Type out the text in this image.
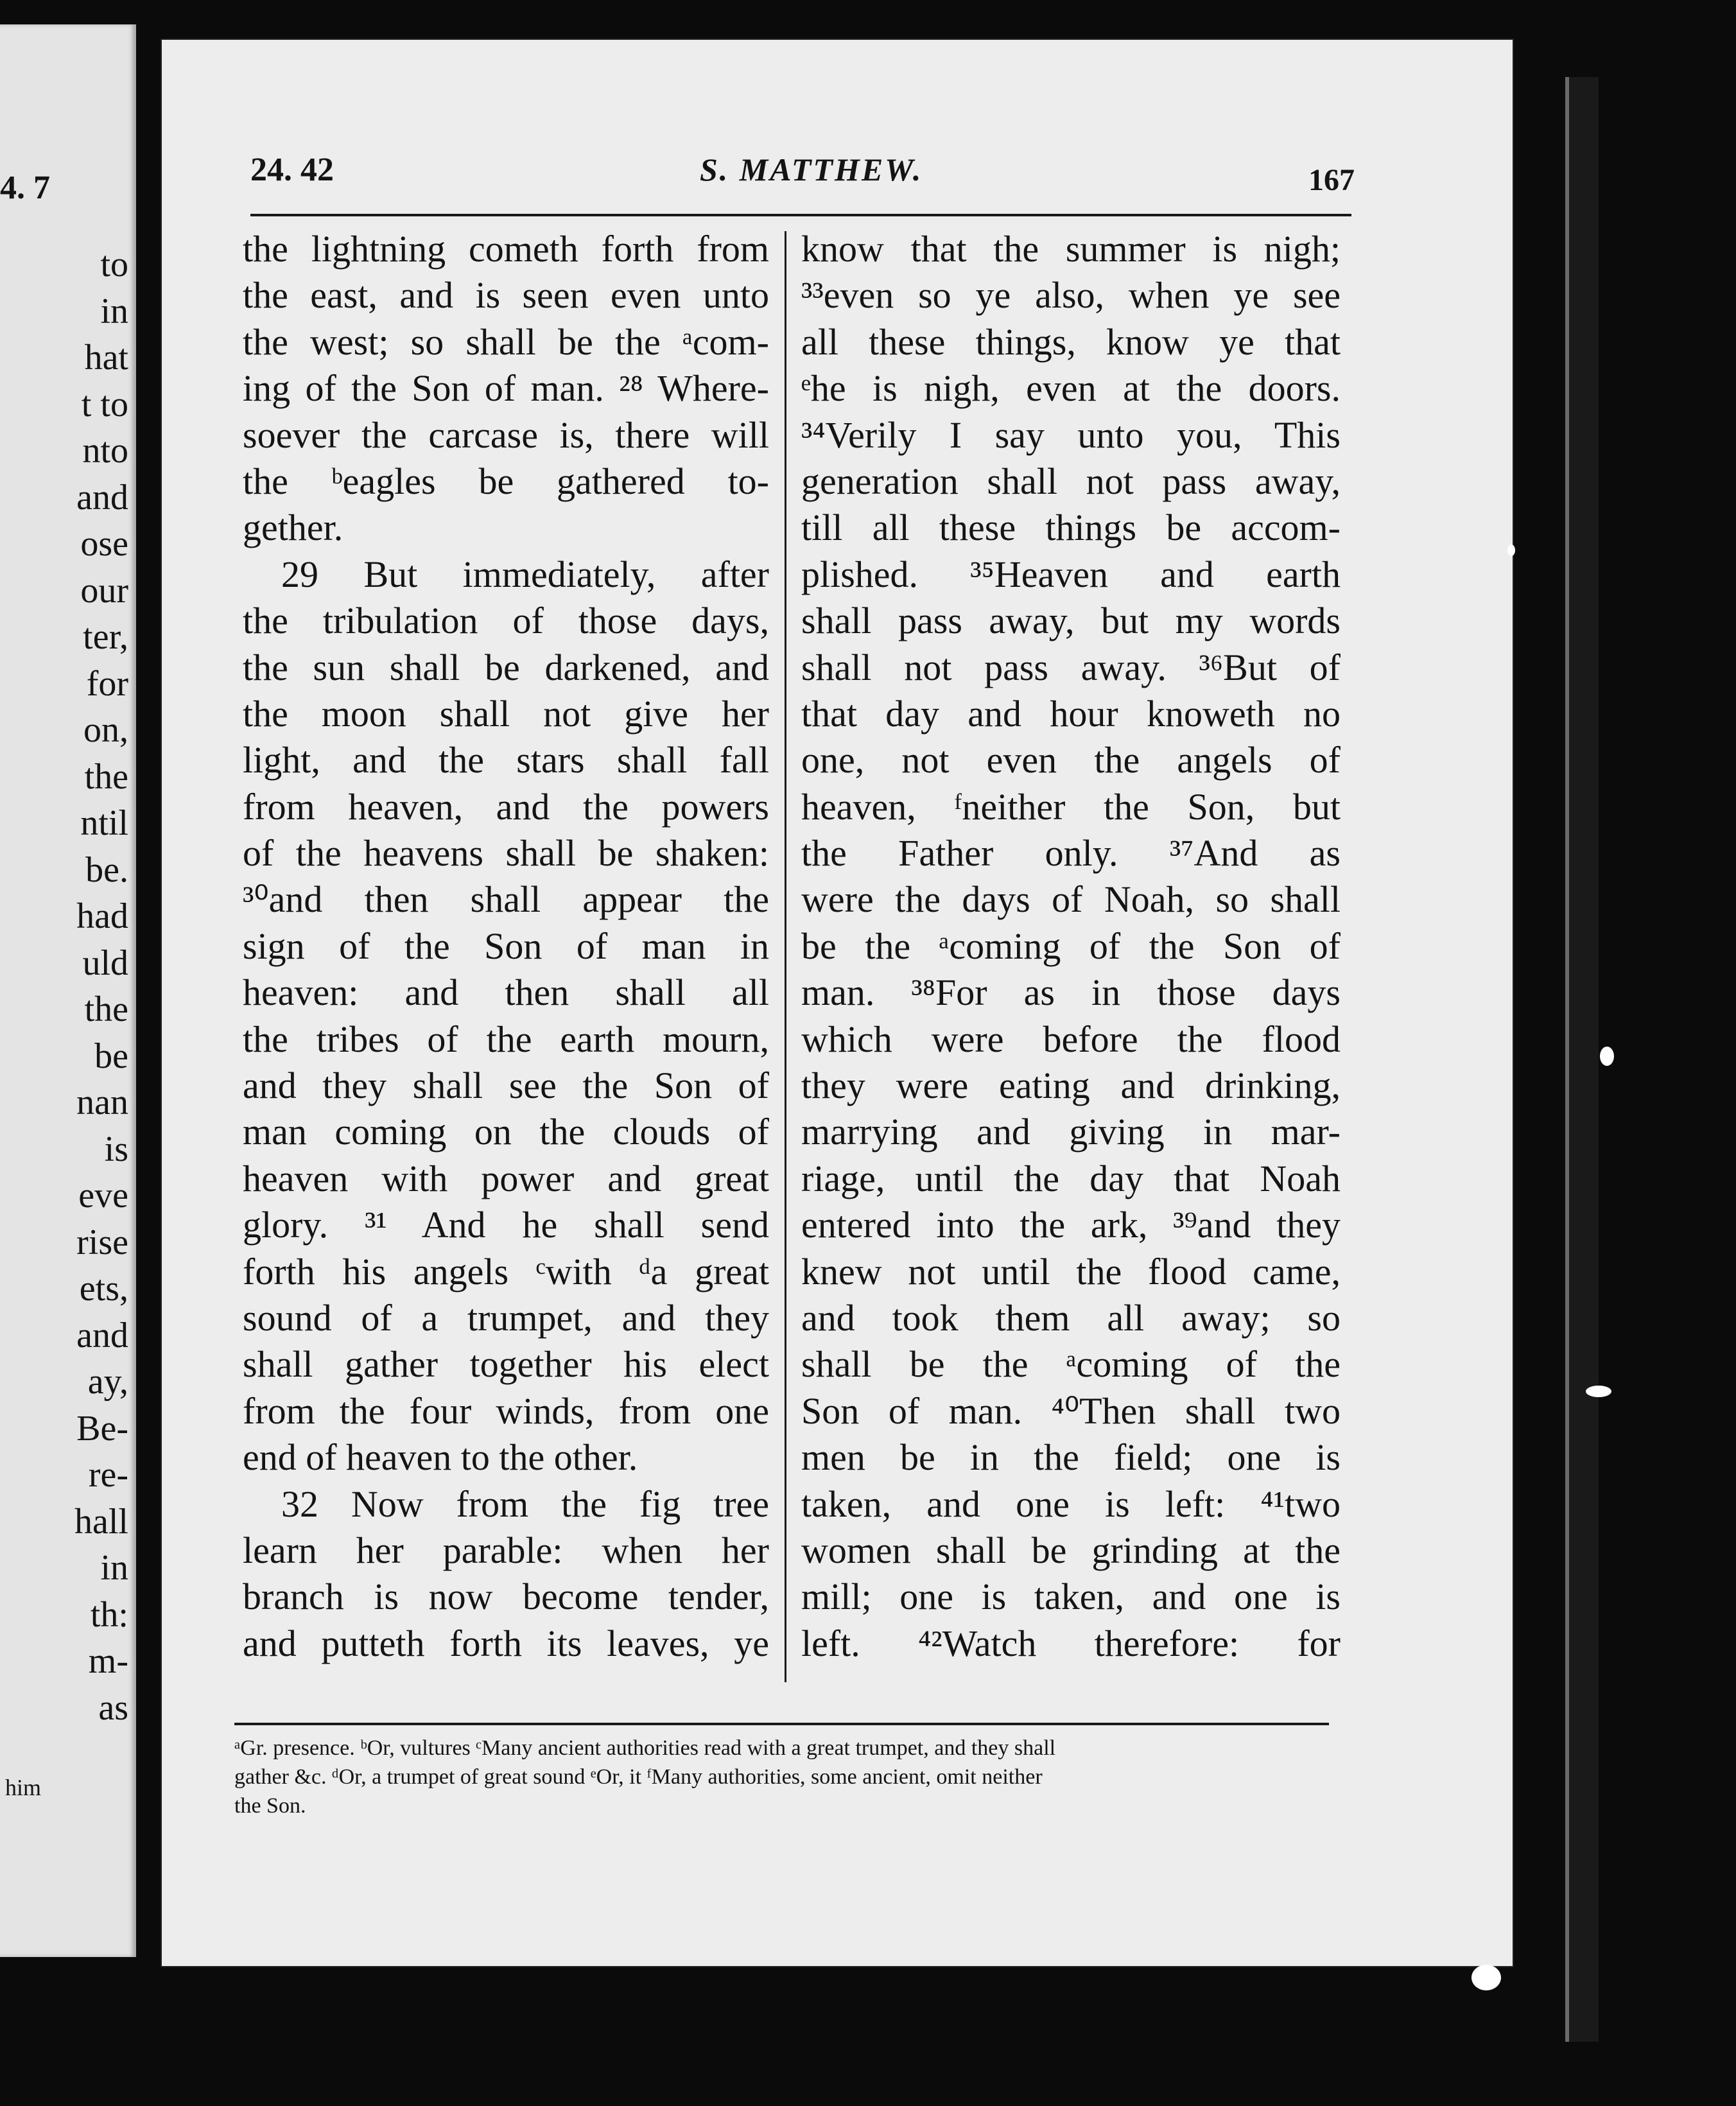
4. 7
to
in
hat
t to
nto
and
ose
our
ter,
for
on,
the
ntil
be.
had
uld
the
be
nan
is
eve
rise
ets,
and
ay,
Be-
re-
hall
in
th:
m-
as
him
24. 42	S. MATTHEW.	167
the lightning cometh forth from
the east, and is seen even unto
the west; so shall be the ᵃcom-
ing of the Son of man. ²⁸ Where-
soever the carcase is, there will
the ᵇeagles be gathered to-
gether.
29 But immediately, after
the tribulation of those days,
the sun shall be darkened, and
the moon shall not give her
light, and the stars shall fall
from heaven, and the powers
of the heavens shall be shaken:
³⁰and then shall appear the
sign of the Son of man in
heaven: and then shall all
the tribes of the earth mourn,
and they shall see the Son of
man coming on the clouds of
heaven with power and great
glory. ³¹ And he shall send
forth his angels ᶜwith ᵈa great
sound of a trumpet, and they
shall gather together his elect
from the four winds, from one
end of heaven to the other.
32 Now from the fig tree
learn her parable: when her
branch is now become tender,
and putteth forth its leaves, ye
know that the summer is nigh;
³³even so ye also, when ye see
all these things, know ye that
ᵉhe is nigh, even at the doors.
³⁴Verily I say unto you, This
generation shall not pass away,
till all these things be accom-
plished. ³⁵Heaven and earth
shall pass away, but my words
shall not pass away. ³⁶But of
that day and hour knoweth no
one, not even the angels of
heaven, ᶠneither the Son, but
the Father only. ³⁷And as
were the days of Noah, so shall
be the ᵃcoming of the Son of
man. ³⁸For as in those days
which were before the flood
they were eating and drinking,
marrying and giving in mar-
riage, until the day that Noah
entered into the ark, ³⁹and they
knew not until the flood came,
and took them all away; so
shall be the ᵃcoming of the
Son of man. ⁴⁰Then shall two
men be in the field; one is
taken, and one is left: ⁴¹two
women shall be grinding at the
mill; one is taken, and one is
left. ⁴²Watch therefore: for
ᵃGr. presence. ᵇOr, vultures ᶜMany ancient authorities read with a great trumpet, and they shall
gather &c. ᵈOr, a trumpet of great sound ᵉOr, it ᶠMany authorities, some ancient, omit neither
the Son.
